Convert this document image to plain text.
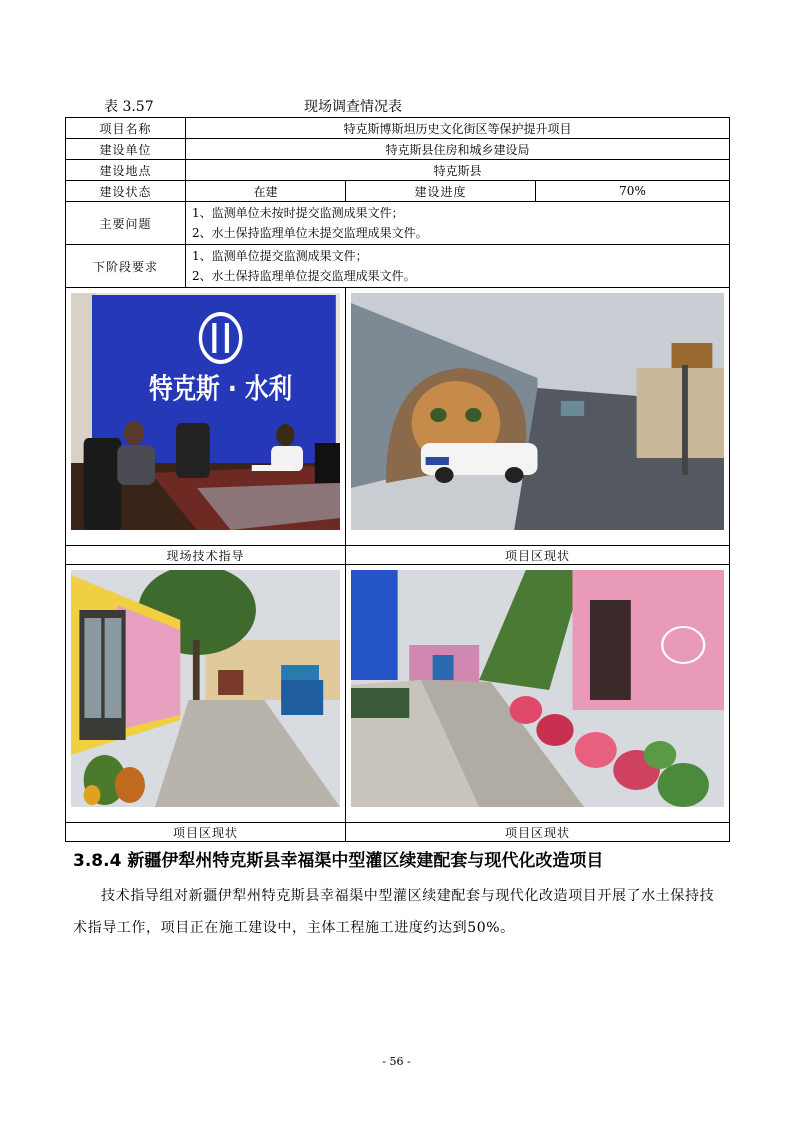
表 3.57	现场调查情况表
项目名称	特克斯博斯坦历史文化街区等保护提升项目		
建设单位	特克斯县住房和城乡建设局		
建设地点	特克斯县		
建设状态	在建	建设进度	70%
主要问题	1、监测单位未按时提交监测成果文件；
2、水土保持监理单位未提交监理成果文件。		

下阶段要求	1、监测单位提交监测成果文件；
2、水土保持监理单位提交监理成果文件。		

特克斯 · 水利

现场技术指导		项目区现状	

项目区现状		项目区现状	
3.8.4 新疆伊犁州特克斯县幸福渠中型灌区续建配套与现代化改造项目
技术指导组对新疆伊犁州特克斯县幸福渠中型灌区续建配套与现代化改造项目开展了水土保持技术指导工作，项目正在施工建设中，主体工程施工进度约达到50%。
- 56 -
